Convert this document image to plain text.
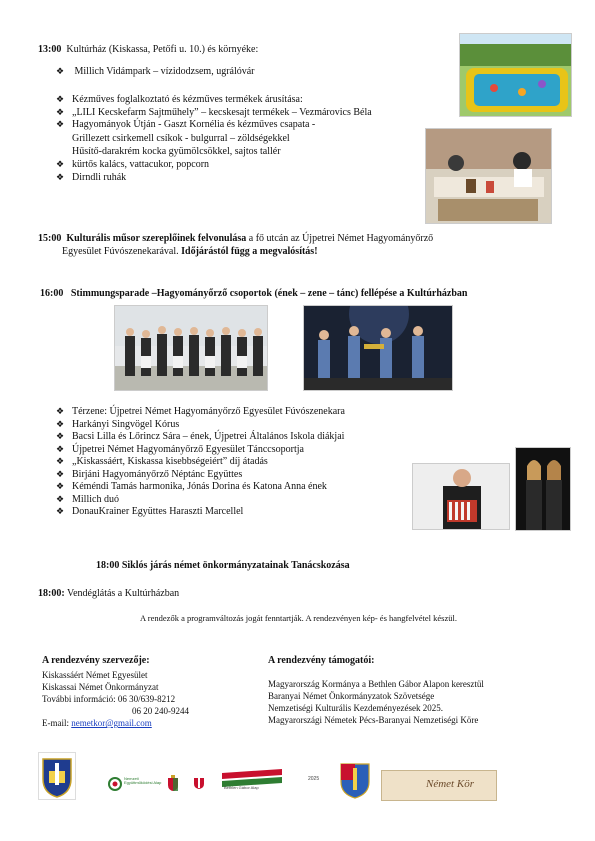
13:00 Kultúrház (Kiskassa, Petőfi u. 10.) és környéke:
❖ Millich Vidámpark – vízidodzsem, ugrálóvár
❖ Kézműves foglalkoztató és kézműves termékek árusítása:
❖ „LILI Kecskefarm Sajtműhely” – kecskesajt termékek – Vezmárovics Béla
❖ Hagyományok Útján - Gaszt Kornélia és kézműves csapata -
Grillezett csirkemell csíkok - bulgurral – zöldségekkel
Hűsítő-darakrém kocka gyümölcsökkel, sajtos tallér
❖ kürtős kalács, vattacukor, popcorn
❖ Dirndli ruhák
15:00 Kulturális műsor szereplőinek felvonulása a fő utcán az Újpetrei Német Hagyományőrző
Egyesület Fúvószenekarával. Időjárástól függ a megvalósítás!
16:00 Stimmungsparade –Hagyományőrző csoportok (ének – zene – tánc) fellépése a Kultúrházban
❖ Térzene: Újpetrei Német Hagyományőrző Egyesület Fúvószenekara
❖ Harkányi Singvögel Kórus
❖ Bacsi Lilla és Lőrincz Sára – ének, Újpetrei Általános Iskola diákjai
❖ Újpetrei Német Hagyományőrző Egyesület Tánccsoportja
❖ „Kiskassáért, Kiskassa kisebbségeiért” díj átadás
❖ Birjáni Hagyományőrző Néptánc Együttes
❖ Kéméndi Tamás harmonika, Jónás Dorina és Katona Anna ének
❖ Millich duó
❖ DonauKrainer Együttes Haraszti Marcellel
18:00 Siklós járás német önkormányzatainak Tanácskozása
18:00: Vendéglátás a Kultúrházban
A rendezők a programváltozás jogát fenntartják. A rendezvényen kép- és hangfelvétel készül.
A rendezvény szervezője:
Kiskassáért Német Egyesület
Kiskassai Német Önkormányzat
További információ: 06 30/639-8212
06 20 240-9244
E-mail: nemetkor@gmail.com
A rendezvény támogatói:
Magyarország Kormánya a Bethlen Gábor Alapon keresztül
Baranyai Német Önkormányzatok Szövetsége
Nemzetiségi Kulturális Kezdeményezések 2025.
Magyarországi Németek Pécs-Baranyai Nemzetiségi Köre
Nemzeti Együttműködési Alap
Bethlen Gábor Alap
2025	Német Kör
